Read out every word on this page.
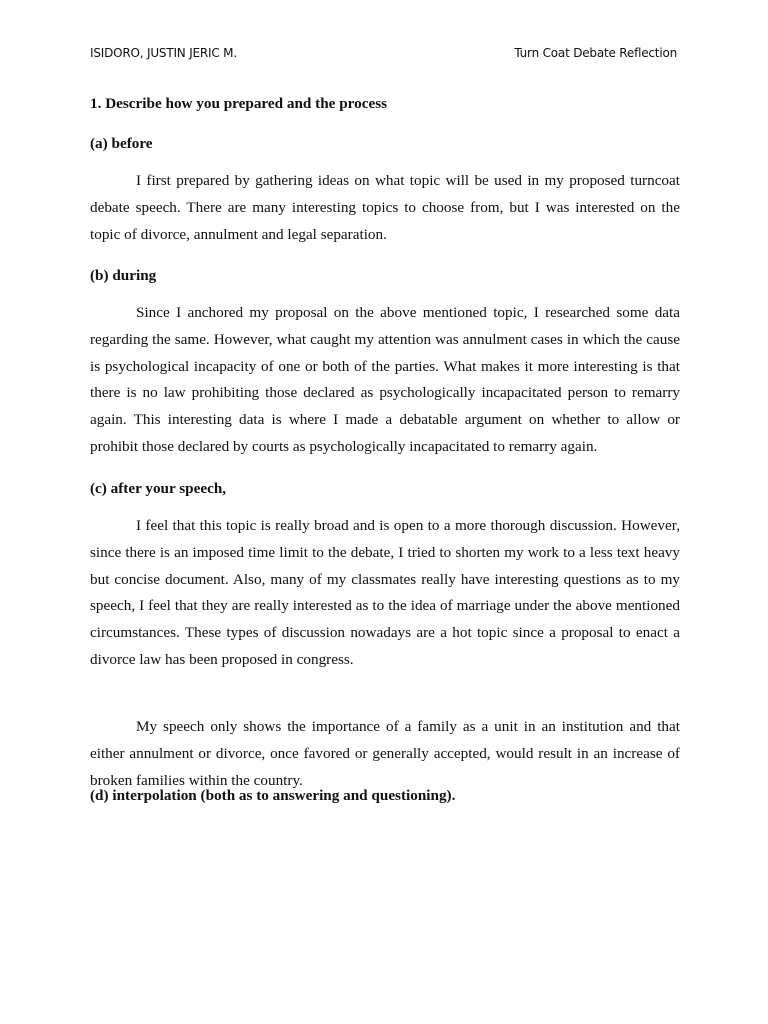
ISIDORO, JUSTIN JERIC M.	Turn Coat Debate Reflection

1. Describe how you prepared and the process

(a) before

I first prepared by gathering ideas on what topic will be used in my proposed turncoat debate speech. There are many interesting topics to choose from, but I was interested on the topic of divorce, annulment and legal separation.

(b) during

Since I anchored my proposal on the above mentioned topic, I researched some data regarding the same. However, what caught my attention was annulment cases in which the cause is psychological incapacity of one or both of the parties. What makes it more interesting is that there is no law prohibiting those declared as psychologically incapacitated person to remarry again. This interesting data is where I made a debatable argument on whether to allow or prohibit those declared by courts as psychologically incapacitated to remarry again.

(c) after your speech,

I feel that this topic is really broad and is open to a more thorough discussion. However, since there is an imposed time limit to the debate, I tried to shorten my work to a less text heavy but concise document. Also, many of my classmates really have interesting questions as to my speech, I feel that they are really interested as to the idea of marriage under the above mentioned circumstances. These types of discussion nowadays are a hot topic since a proposal to enact a divorce law has been proposed in congress.

My speech only shows the importance of a family as a unit in an institution and that either annulment or divorce, once favored or generally accepted, would result in an increase of broken families within the country.

(d) interpolation (both as to answering and questioning).
